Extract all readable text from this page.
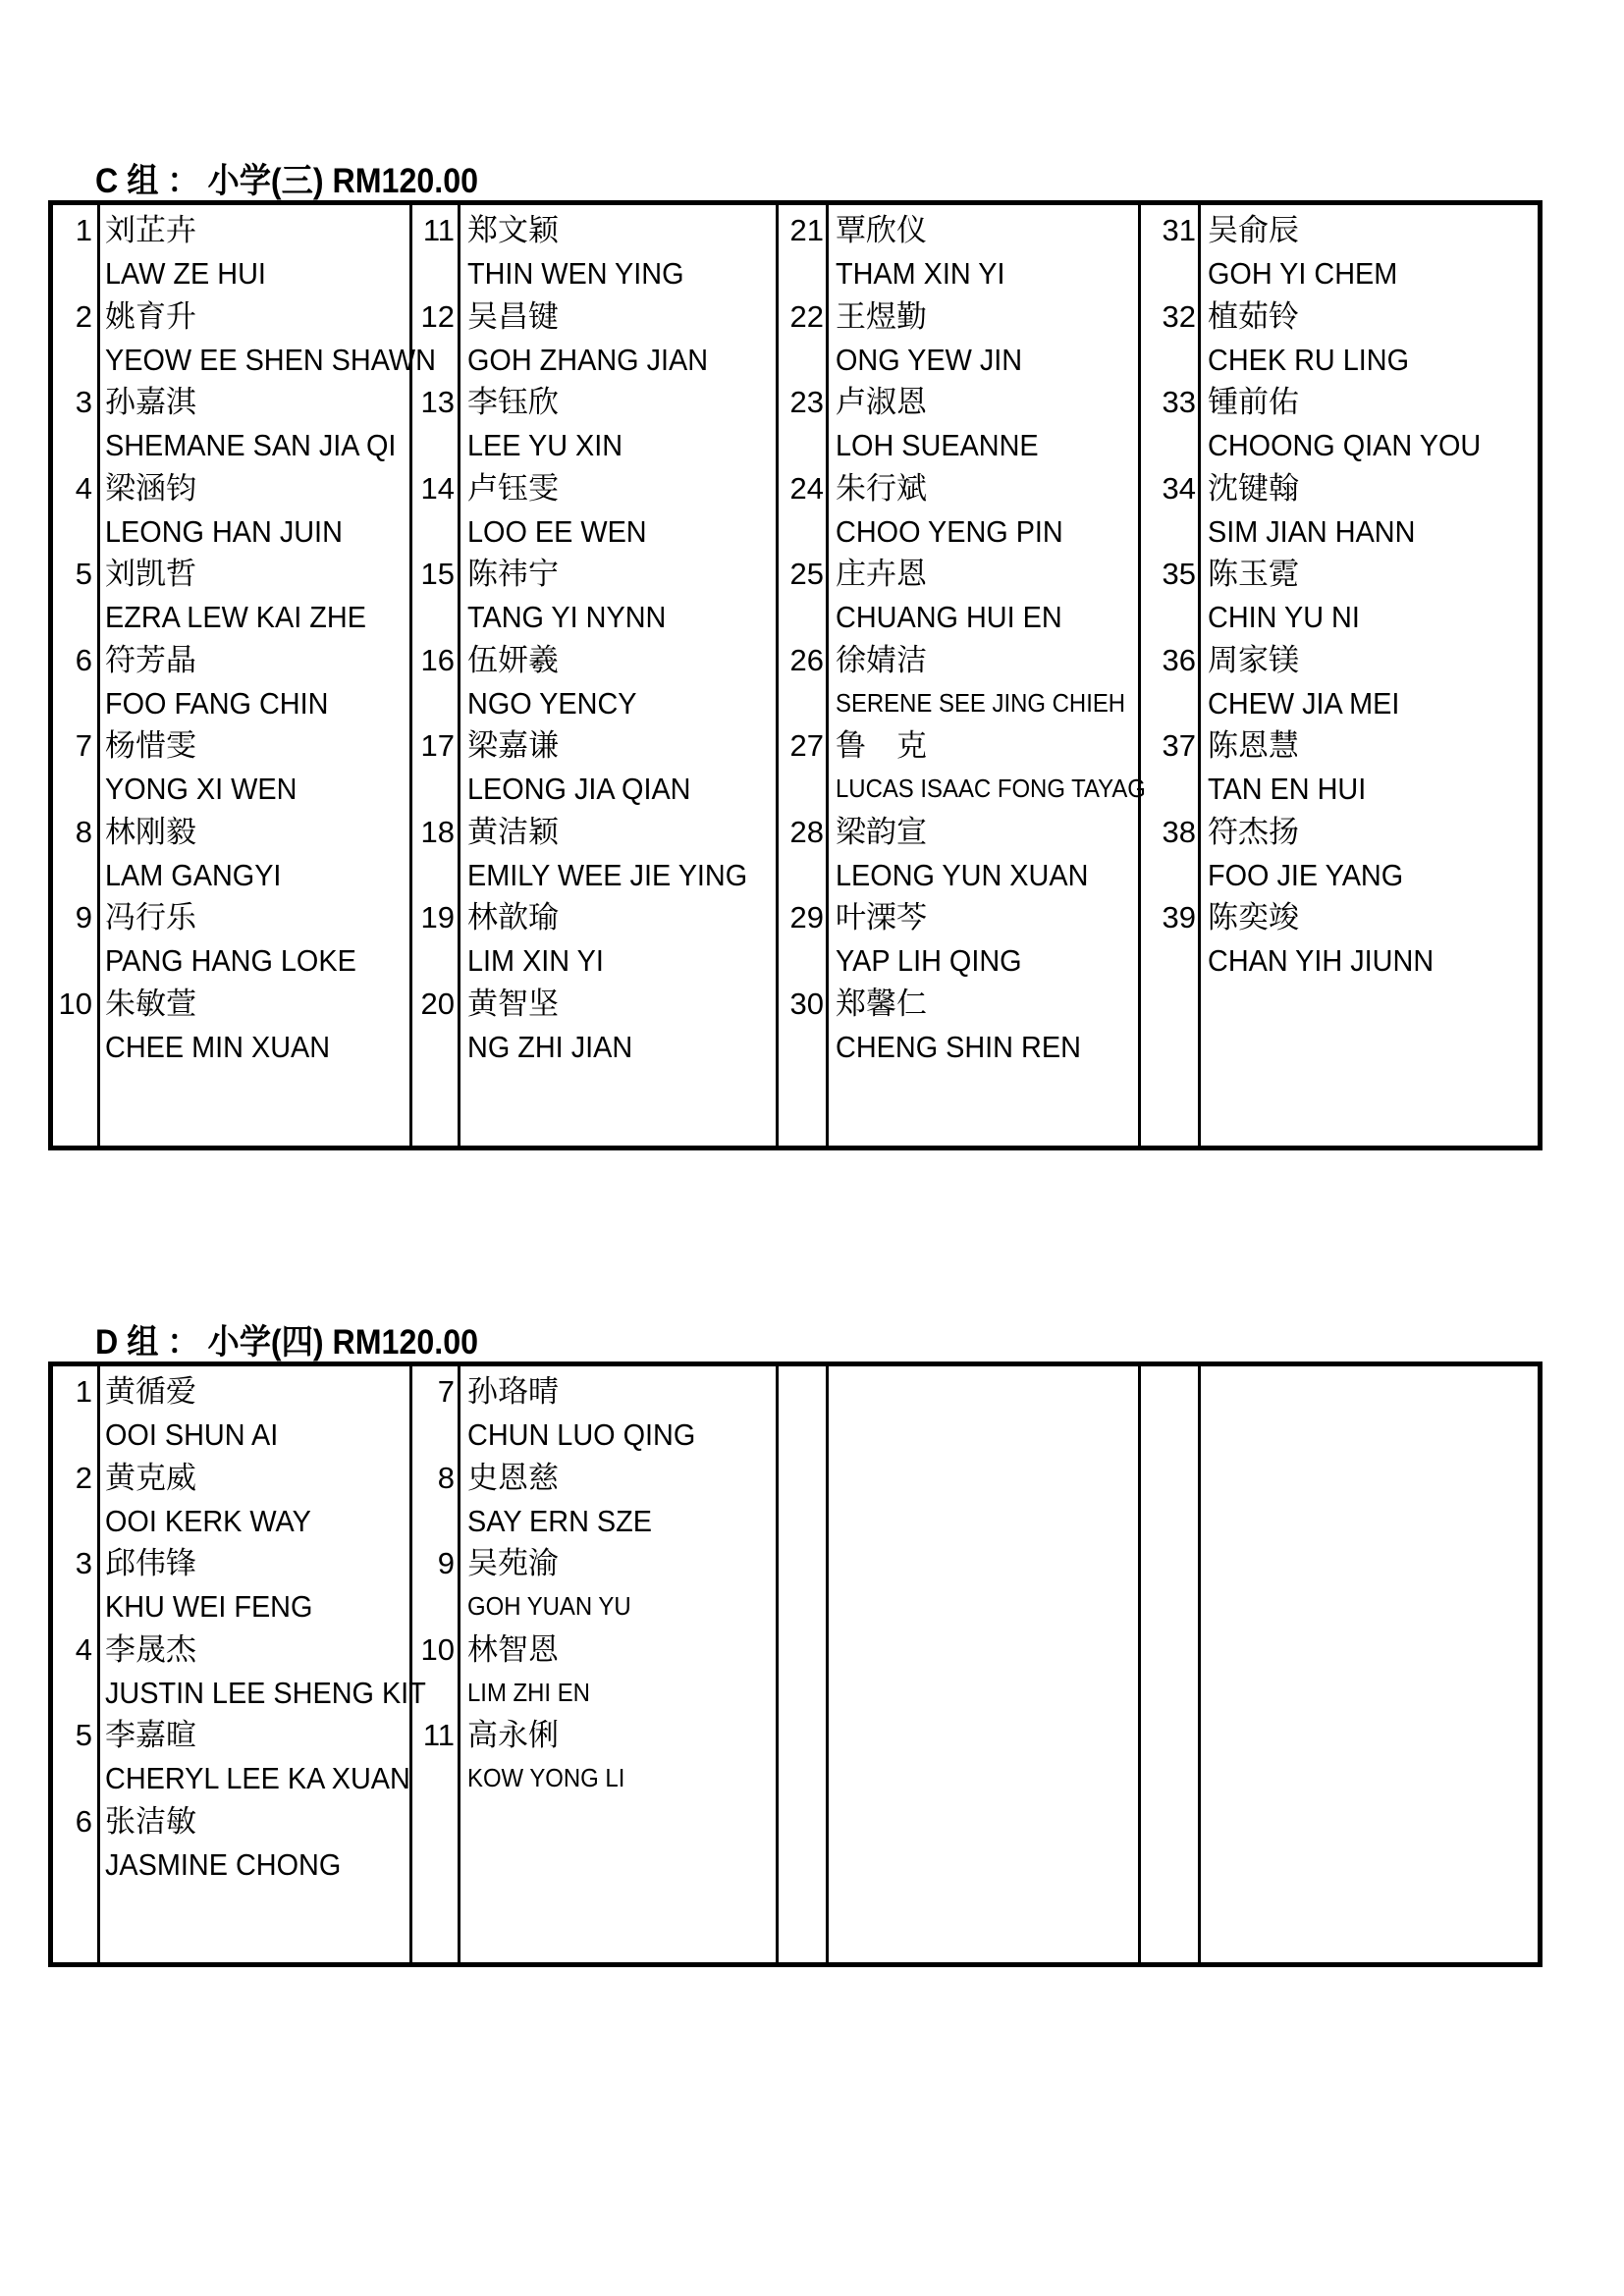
C 组 ： 小学(三) RM120.00
1 刘芷卉
LAW ZE HUI
2 姚育升
YEOW EE SHEN SHAWN
3 孙嘉淇
SHEMANE SAN JIA QI
4 梁涵钧
LEONG HAN JUIN
5 刘凯哲
EZRA LEW KAI ZHE
6 符芳晶
FOO FANG CHIN
7 杨惜雯
YONG XI WEN
8 林刚毅
LAM GANGYI
9 冯行乐
PANG HANG LOKE
10 朱敏萱
CHEE MIN XUAN
11 郑文颖
THIN WEN YING
12 吴昌键
GOH ZHANG JIAN
13 李钰欣
LEE YU XIN
14 卢钰雯
LOO EE WEN
15 陈祎宁
TANG YI NYNN
16 伍妍羲
NGO YENCY
17 梁嘉谦
LEONG JIA QIAN
18 黄洁颖
EMILY WEE JIE YING
19 林歆瑜
LIM XIN YI
20 黄智坚
NG ZHI JIAN
21 覃欣仪
THAM XIN YI
22 王煜勤
ONG YEW JIN
23 卢淑恩
LOH SUEANNE
24 朱行斌
CHOO YENG PIN
25 庄卉恩
CHUANG HUI EN
26 徐婧洁
SERENE SEE JING CHIEH
27 鲁　克
LUCAS ISAAC FONG TAYAG
28 梁韵宣
LEONG YUN XUAN
29 叶溧芩
YAP LIH QING
30 郑馨仁
CHENG SHIN REN
31 吴俞辰
GOH YI CHEM
32 植茹铃
CHEK RU LING
33 锺前佑
CHOONG QIAN YOU
34 沈键翰
SIM JIAN HANN
35 陈玉霓
CHIN YU NI
36 周家镁
CHEW JIA MEI
37 陈恩慧
TAN EN HUI
38 符杰扬
FOO JIE YANG
39 陈奕竣
CHAN YIH JIUNN
D 组 ： 小学(四) RM120.00
1 黄循爱
OOI SHUN AI
2 黄克威
OOI KERK WAY
3 邱伟锋
KHU WEI FENG
4 李晟杰
JUSTIN LEE SHENG KIT
5 李嘉暄
CHERYL LEE KA XUAN
6 张洁敏
JASMINE CHONG
7 孙珞晴
CHUN LUO QING
8 史恩慈
SAY ERN SZE
9 吴苑渝
GOH YUAN YU
10 林智恩
LIM ZHI EN
11 高永俐
KOW YONG LI
